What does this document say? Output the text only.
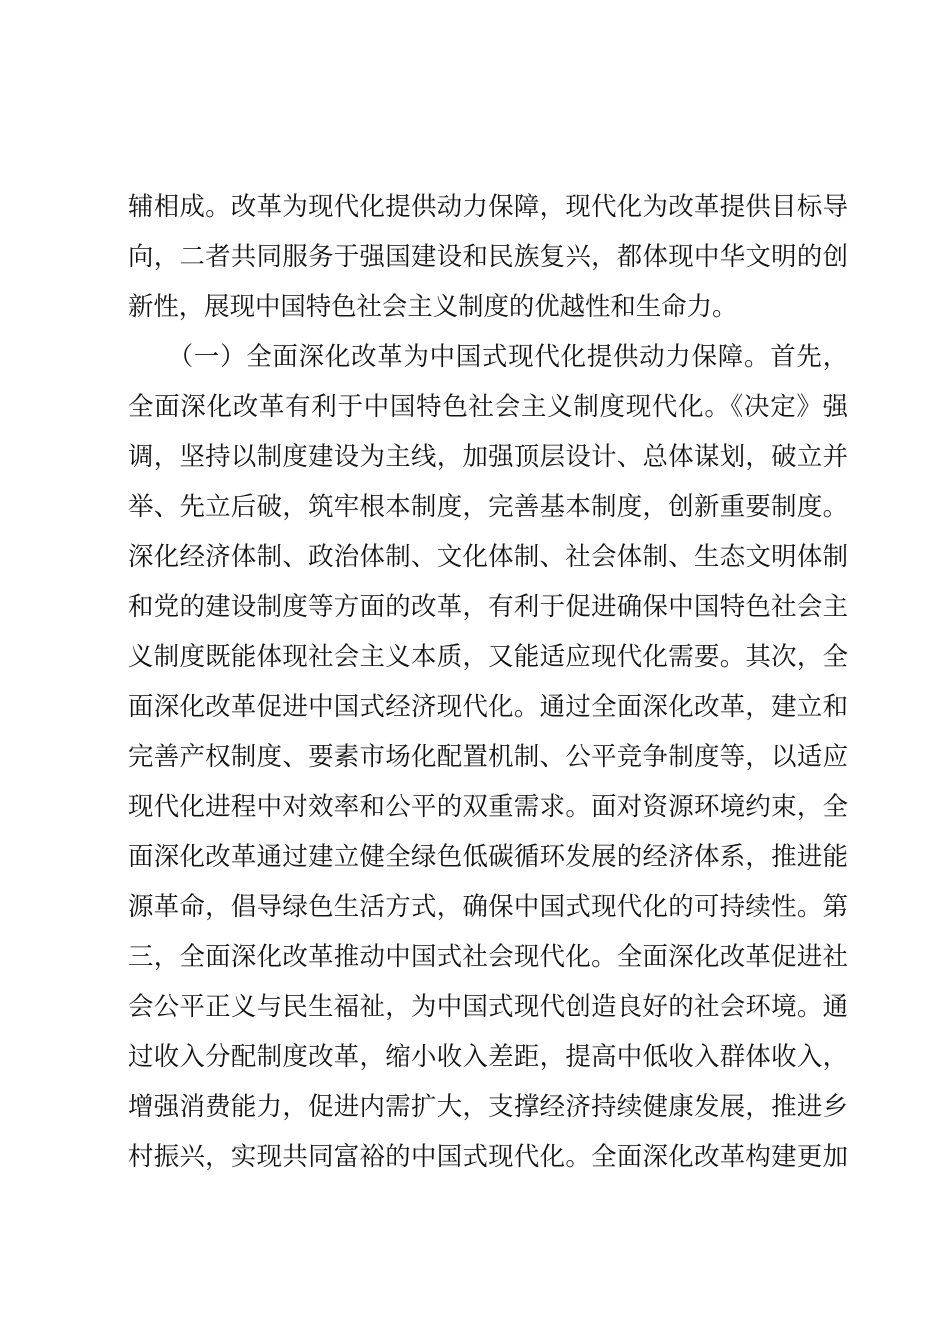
辅相成。改革为现代化提供动力保障，现代化为改革提供目标导
向，二者共同服务于强国建设和民族复兴，都体现中华文明的创
新性，展现中国特色社会主义制度的优越性和生命力。
　　（一）全面深化改革为中国式现代化提供动力保障。首先，
全面深化改革有利于中国特色社会主义制度现代化。《决定》强
调，坚持以制度建设为主线，加强顶层设计、总体谋划，破立并
举、先立后破，筑牢根本制度，完善基本制度，创新重要制度。
深化经济体制、政治体制、文化体制、社会体制、生态文明体制
和党的建设制度等方面的改革，有利于促进确保中国特色社会主
义制度既能体现社会主义本质，又能适应现代化需要。其次，全
面深化改革促进中国式经济现代化。通过全面深化改革，建立和
完善产权制度、要素市场化配置机制、公平竞争制度等，以适应
现代化进程中对效率和公平的双重需求。面对资源环境约束，全
面深化改革通过建立健全绿色低碳循环发展的经济体系，推进能
源革命，倡导绿色生活方式，确保中国式现代化的可持续性。第
三，全面深化改革推动中国式社会现代化。全面深化改革促进社
会公平正义与民生福祉，为中国式现代创造良好的社会环境。通
过收入分配制度改革，缩小收入差距，提高中低收入群体收入，
增强消费能力，促进内需扩大，支撑经济持续健康发展，推进乡
村振兴，实现共同富裕的中国式现代化。全面深化改革构建更加
